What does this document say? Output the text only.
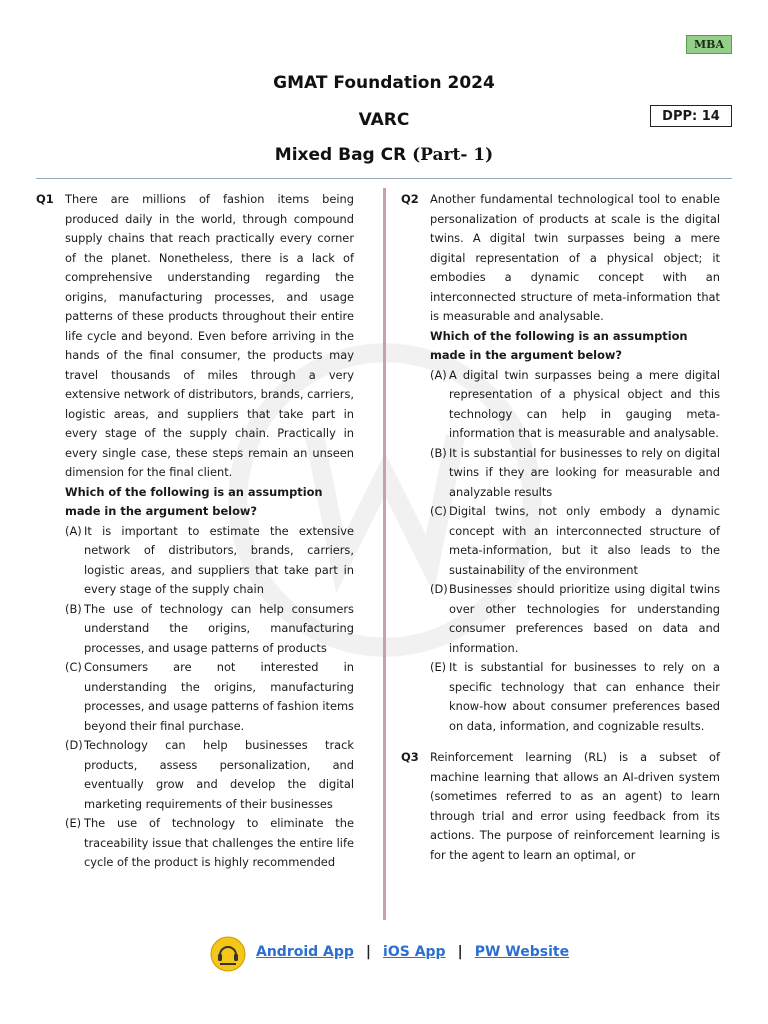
MBA
GMAT Foundation 2024
VARC
Mixed Bag CR (Part- 1)
DPP: 14
Q1 There are millions of fashion items being produced daily in the world, through compound supply chains that reach practically every corner of the planet. Nonetheless, there is a lack of comprehensive understanding regarding the origins, manufacturing processes, and usage patterns of these products throughout their entire life cycle and beyond. Even before arriving in the hands of the final consumer, the products may travel thousands of miles through a very extensive network of distributors, brands, carriers, logistic areas, and suppliers that take part in every stage of the supply chain. Practically in every single case, these steps remain an unseen dimension for the final client.
Which of the following is an assumption made in the argument below?
(A) It is important to estimate the extensive network of distributors, brands, carriers, logistic areas, and suppliers that take part in every stage of the supply chain
(B) The use of technology can help consumers understand the origins, manufacturing processes, and usage patterns of products
(C) Consumers are not interested in understanding the origins, manufacturing processes, and usage patterns of fashion items beyond their final purchase.
(D) Technology can help businesses track products, assess personalization, and eventually grow and develop the digital marketing requirements of their businesses
(E) The use of technology to eliminate the traceability issue that challenges the entire life cycle of the product is highly recommended
Q2 Another fundamental technological tool to enable personalization of products at scale is the digital twins. A digital twin surpasses being a mere digital representation of a physical object; it embodies a dynamic concept with an interconnected structure of meta-information that is measurable and analysable.
Which of the following is an assumption made in the argument below?
(A) A digital twin surpasses being a mere digital representation of a physical object and this technology can help in gauging meta-information that is measurable and analysable.
(B) It is substantial for businesses to rely on digital twins if they are looking for measurable and analyzable results
(C) Digital twins, not only embody a dynamic concept with an interconnected structure of meta-information, but it also leads to the sustainability of the environment
(D) Businesses should prioritize using digital twins over other technologies for understanding consumer preferences based on data and information.
(E) It is substantial for businesses to rely on a specific technology that can enhance their know-how about consumer preferences based on data, information, and cognizable results.
Q3 Reinforcement learning (RL) is a subset of machine learning that allows an AI-driven system (sometimes referred to as an agent) to learn through trial and error using feedback from its actions. The purpose of reinforcement learning is for the agent to learn an optimal, or
Android App | iOS App | PW Website
